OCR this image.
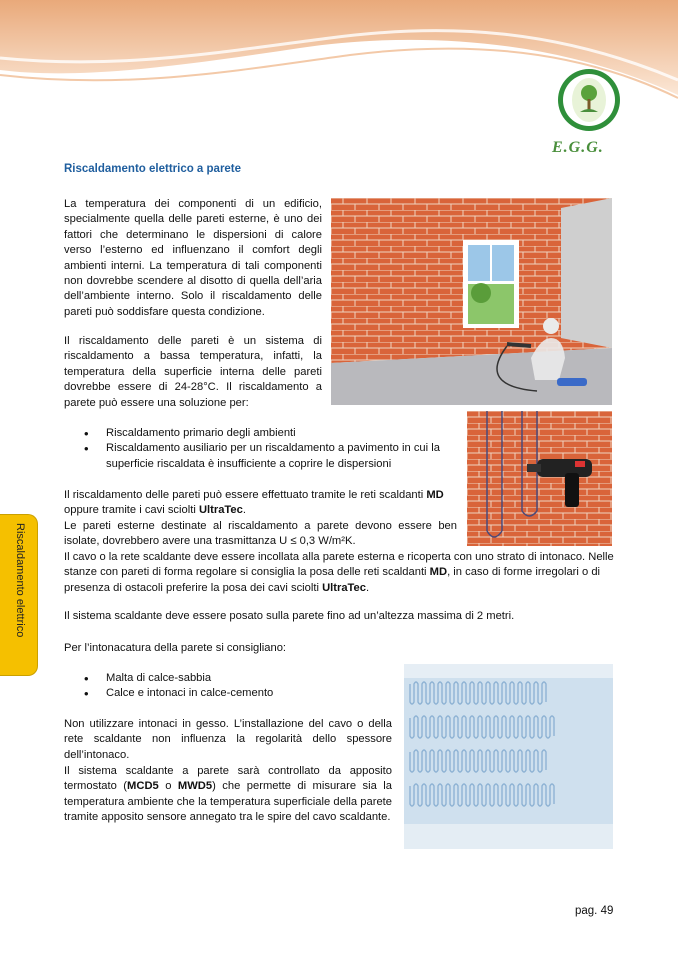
E.G.G.
Riscaldamento elettrico a parete

La temperatura dei componenti di un edificio, specialmente quella delle pareti esterne, è uno dei fattori che determinano le dispersioni di calore verso l’esterno ed influenzano il comfort degli ambienti interni. La temperatura di tali componenti non dovrebbe scendere al disotto di quella dell’aria dell’ambiente interno. Solo il riscaldamento delle pareti può soddisfare questa condizione.

Il riscaldamento delle pareti è un sistema di riscaldamento a bassa temperatura, infatti, la temperatura della superficie interna delle pareti dovrebbe essere di 24-28°C. Il riscaldamento a parete può essere una soluzione per:

• Riscaldamento primario degli ambienti
• Riscaldamento ausiliario per un riscaldamento a pavimento in cui la superficie riscaldata è insufficiente a coprire le dispersioni

Il riscaldamento delle pareti può essere effettuato tramite le reti scaldanti MD
oppure tramite i cavi sciolti UltraTec.

Le pareti esterne destinate al riscaldamento a parete devono essere ben isolate, dovrebbero avere una trasmittanza U ≤ 0,3 W/m²K.

Il cavo o la rete scaldante deve essere incollata alla parete esterna e ricoperta con uno strato di intonaco. Nelle stanze con pareti di forma regolare si consiglia la posa delle reti scaldanti MD, in caso di forme irregolari o di presenza di ostacoli preferire la posa dei cavi sciolti UltraTec.

Il sistema scaldante deve essere posato sulla parete fino ad un’altezza massima di 2 metri.

Per l’intonacatura della parete si consigliano:

• Malta di calce-sabbia
• Calce e intonaci in calce-cemento

Non utilizzare intonaci in gesso. L’installazione del cavo o della rete scaldante non influenza la regolarità dello spessore dell’intonaco.

Il sistema scaldante a parete sarà controllato da apposito termostato (MCD5 o MWD5) che permette di misurare sia la temperatura ambiente che la temperatura superficiale della parete tramite apposito sensore annegato tra le spire del cavo scaldante.

Riscaldamento elettrico
pag. 49
